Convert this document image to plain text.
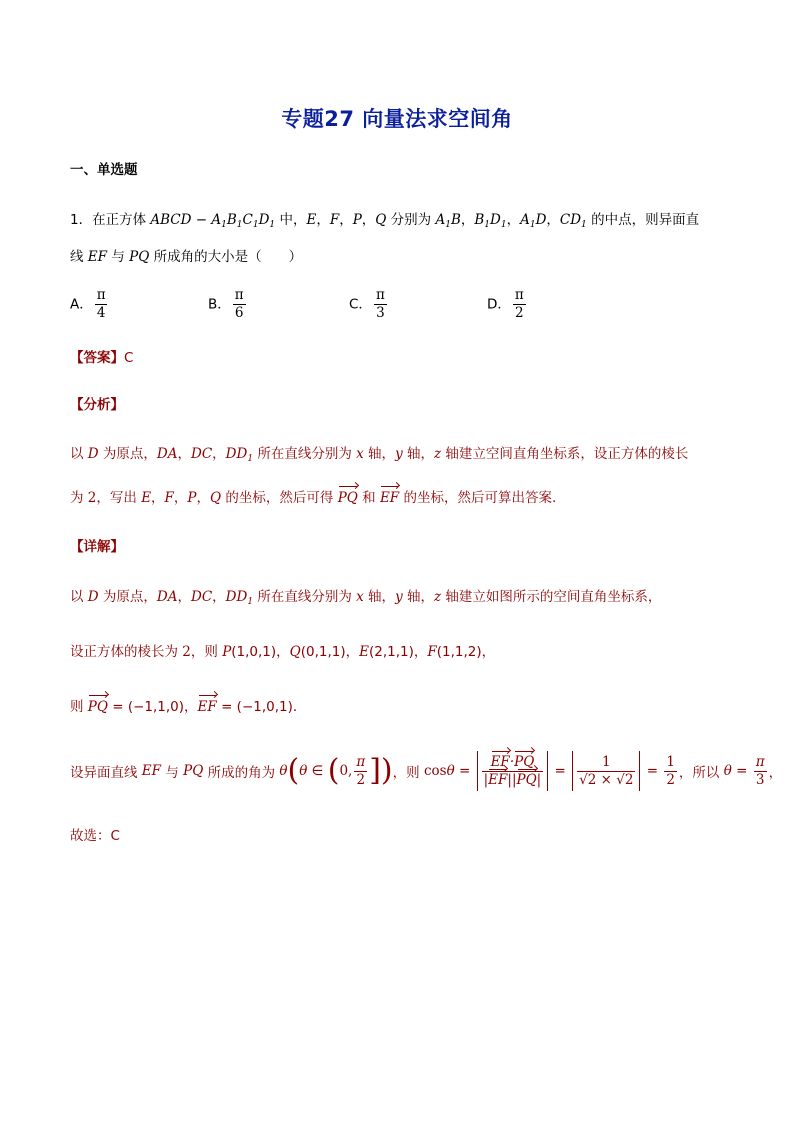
专题27 向量法求空间角
一、单选题
1．在正方体 ABCD − $A_1B_1C_1D_1$ 中，E，F，P，Q 分别为 $A_1B$，$B_1D_1$，$A_1D$，$CD_1$ 的中点，则异面直
线 EF 与 PQ 所成角的大小是（　　）
A． $\frac{\pi}{4}$	B． $\frac{\pi}{6}$	C． $\frac{\pi}{3}$	D． $\frac{\pi}{2}$
【答案】C
【分析】
以 D 为原点，DA，DC，$DD_1$ 所在直线分别为 x 轴，y 轴，z 轴建立空间直角坐标系，设正方体的棱长
为 2，写出 E，F，P，Q 的坐标，然后可得 PQ 和 EF 的坐标，然后可算出答案.
【详解】
以 D 为原点，DA，DC，$DD_1$ 所在直线分别为 x 轴，y 轴，z 轴建立如图所示的空间直角坐标系，
设正方体的棱长为 2，则 P(1,0,1)，Q(0,1,1)，E(2,1,1)，F(1,1,2)，
则 PQ = (−1,1,0)，EF = (−1,0,1)．
设异面直线
EF 与 PQ
所成的角为
θ ( θ ∈ ( 0, $\frac{\pi}{2}$ ] ) ，则 $\cos \theta = \frac{EF\cdot PQ}{|EF||PQ|} = \frac{1}{√2 \times √2} = \frac{1}{2}$ ，所以
$\theta = \frac{\pi}{3}$ ，
故选：C
